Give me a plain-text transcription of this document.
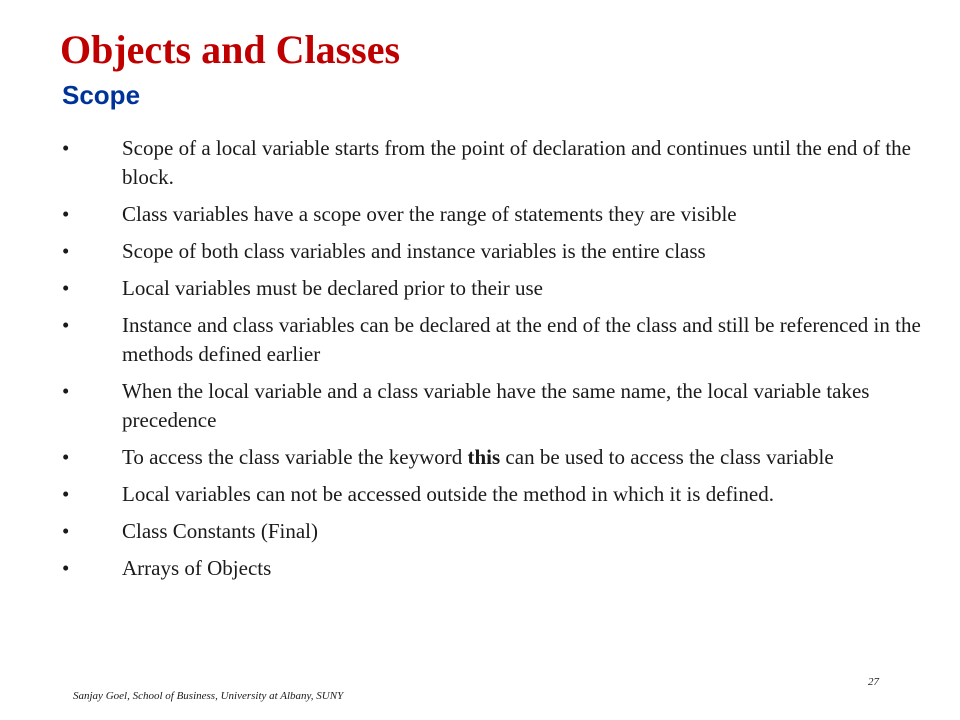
Objects and Classes
Scope
•	Scope of a local variable starts from the point of declaration and continues until the end of the block.
•	Class variables have a scope over the range of statements they are visible
•	Scope of both class variables and instance variables is the entire class
•	Local variables must be declared prior to their use
•	Instance and class variables can be declared at the end of the class and still be referenced in the methods defined earlier
•	When the local variable and a class variable have the same name, the local variable takes precedence
•	To access the class variable the keyword this can be used to access the class variable
•	Local variables can not be accessed outside the method in which it is defined.
•	Class Constants (Final)
•	Arrays of Objects
27
Sanjay Goel, School of Business, University at Albany, SUNY
